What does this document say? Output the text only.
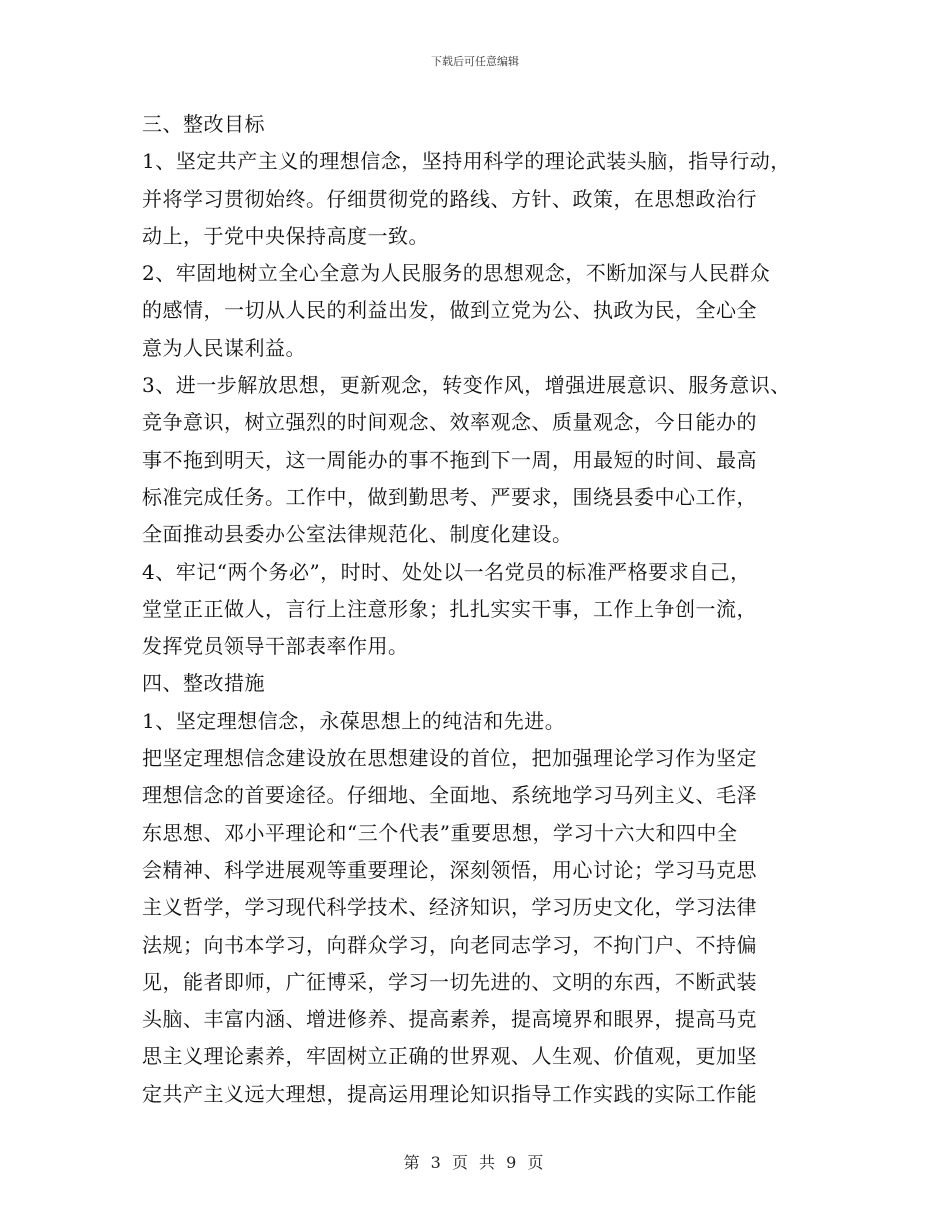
下载后可任意编辑
三、整改目标
1、坚定共产主义的理想信念，坚持用科学的理论武装头脑，指导行动，
并将学习贯彻始终。仔细贯彻党的路线、方针、政策，在思想政治行
动上，于党中央保持高度一致。
2、牢固地树立全心全意为人民服务的思想观念，不断加深与人民群众
的感情，一切从人民的利益出发，做到立党为公、执政为民，全心全
意为人民谋利益。
3、进一步解放思想，更新观念，转变作风，增强进展意识、服务意识、
竞争意识，树立强烈的时间观念、效率观念、质量观念，今日能办的
事不拖到明天，这一周能办的事不拖到下一周，用最短的时间、最高
标准完成任务。工作中，做到勤思考、严要求，围绕县委中心工作，
全面推动县委办公室法律规范化、制度化建设。
4、牢记“两个务必”，时时、处处以一名党员的标准严格要求自己，
堂堂正正做人，言行上注意形象；扎扎实实干事，工作上争创一流，
发挥党员领导干部表率作用。
四、整改措施
1、坚定理想信念，永葆思想上的纯洁和先进。
把坚定理想信念建设放在思想建设的首位，把加强理论学习作为坚定
理想信念的首要途径。仔细地、全面地、系统地学习马列主义、毛泽
东思想、邓小平理论和“三个代表”重要思想，学习十六大和四中全
会精神、科学进展观等重要理论，深刻领悟，用心讨论；学习马克思
主义哲学，学习现代科学技术、经济知识，学习历史文化，学习法律
法规；向书本学习，向群众学习，向老同志学习，不拘门户、不持偏
见，能者即师，广征博采，学习一切先进的、文明的东西，不断武装
头脑、丰富内涵、增进修养、提高素养，提高境界和眼界，提高马克
思主义理论素养，牢固树立正确的世界观、人生观、价值观，更加坚
定共产主义远大理想，提高运用理论知识指导工作实践的实际工作能
第 3 页 共 9 页
